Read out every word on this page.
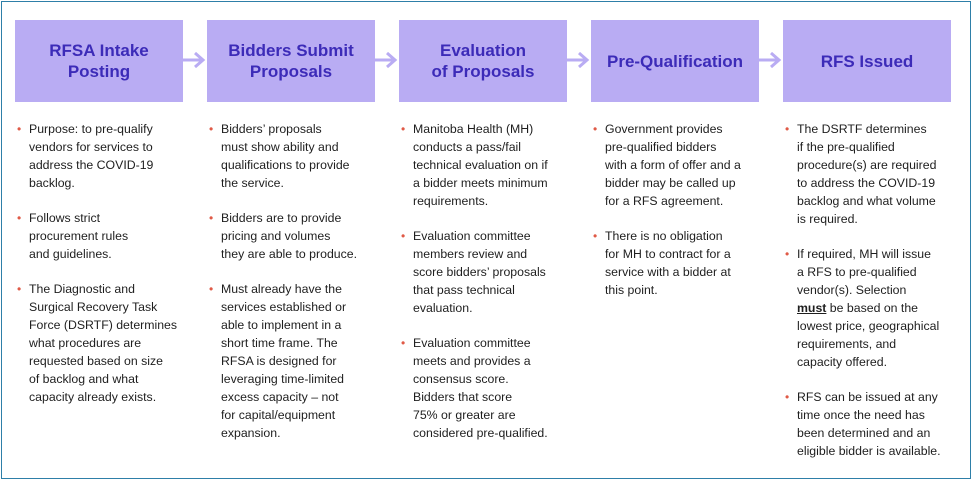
RFSA Intake
Posting
Bidders Submit
Proposals
Evaluation
of Proposals
Pre-Qualification	RFS Issued
• Purpose: to pre-qualify
vendors for services to
address the COVID-19
backlog.
• Follows strict
procurement rules
and guidelines.
• The Diagnostic and
Surgical Recovery Task
Force (DSRTF) determines
what procedures are
requested based on size
of backlog and what
capacity already exists.
• Bidders’ proposals
must show ability and
qualifications to provide
the service.
• Bidders are to provide
pricing and volumes
they are able to produce.
• Must already have the
services established or
able to implement in a
short time frame. The
RFSA is designed for
leveraging time-limited
excess capacity – not
for capital/equipment
expansion.
• Manitoba Health (MH)
conducts a pass/fail
technical evaluation on if
a bidder meets minimum
requirements.
• Evaluation committee
members review and
score bidders’ proposals
that pass technical
evaluation.
• Evaluation committee
meets and provides a
consensus score.
Bidders that score
75% or greater are
considered pre-qualified.
• Government provides
pre-qualified bidders
with a form of offer and a
bidder may be called up
for a RFS agreement.
• There is no obligation
for MH to contract for a
service with a bidder at
this point.
• The DSRTF determines
if the pre-qualified
procedure(s) are required
to address the COVID-19
backlog and what volume
is required.
• If required, MH will issue
a RFS to pre-qualified
vendor(s). Selection
must be based on the
lowest price, geographical
requirements, and
capacity offered.
• RFS can be issued at any
time once the need has
been determined and an
eligible bidder is available.
